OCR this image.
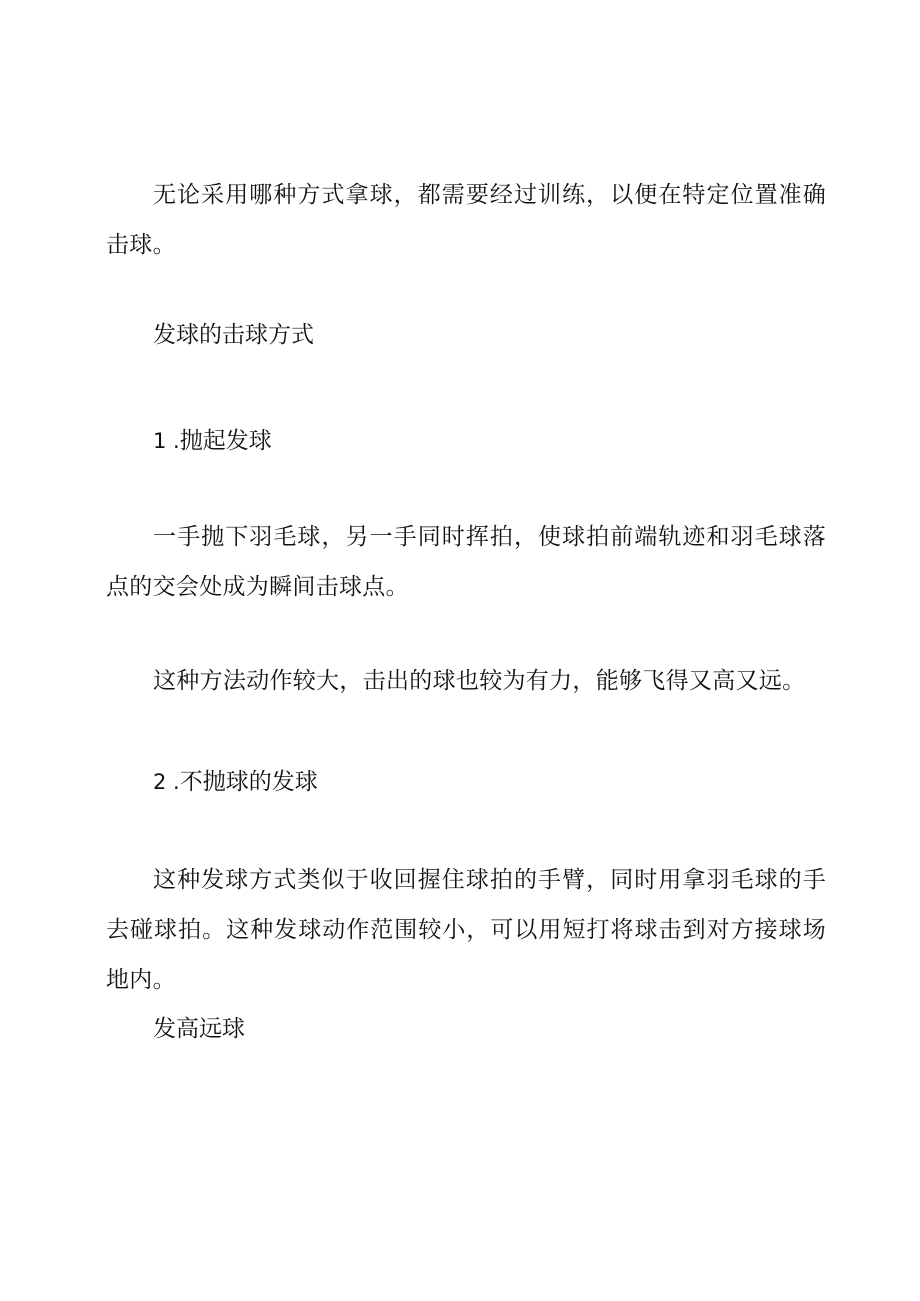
无论采用哪种方式拿球，都需要经过训练，以便在特定位置准确击球。

发球的击球方式

1 .抛起发球

一手抛下羽毛球，另一手同时挥拍，使球拍前端轨迹和羽毛球落点的交会处成为瞬间击球点。

这种方法动作较大，击出的球也较为有力，能够飞得又高又远。

2 .不抛球的发球

这种发球方式类似于收回握住球拍的手臂，同时用拿羽毛球的手去碰球拍。这种发球动作范围较小，可以用短打将球击到对方接球场地内。

发高远球
